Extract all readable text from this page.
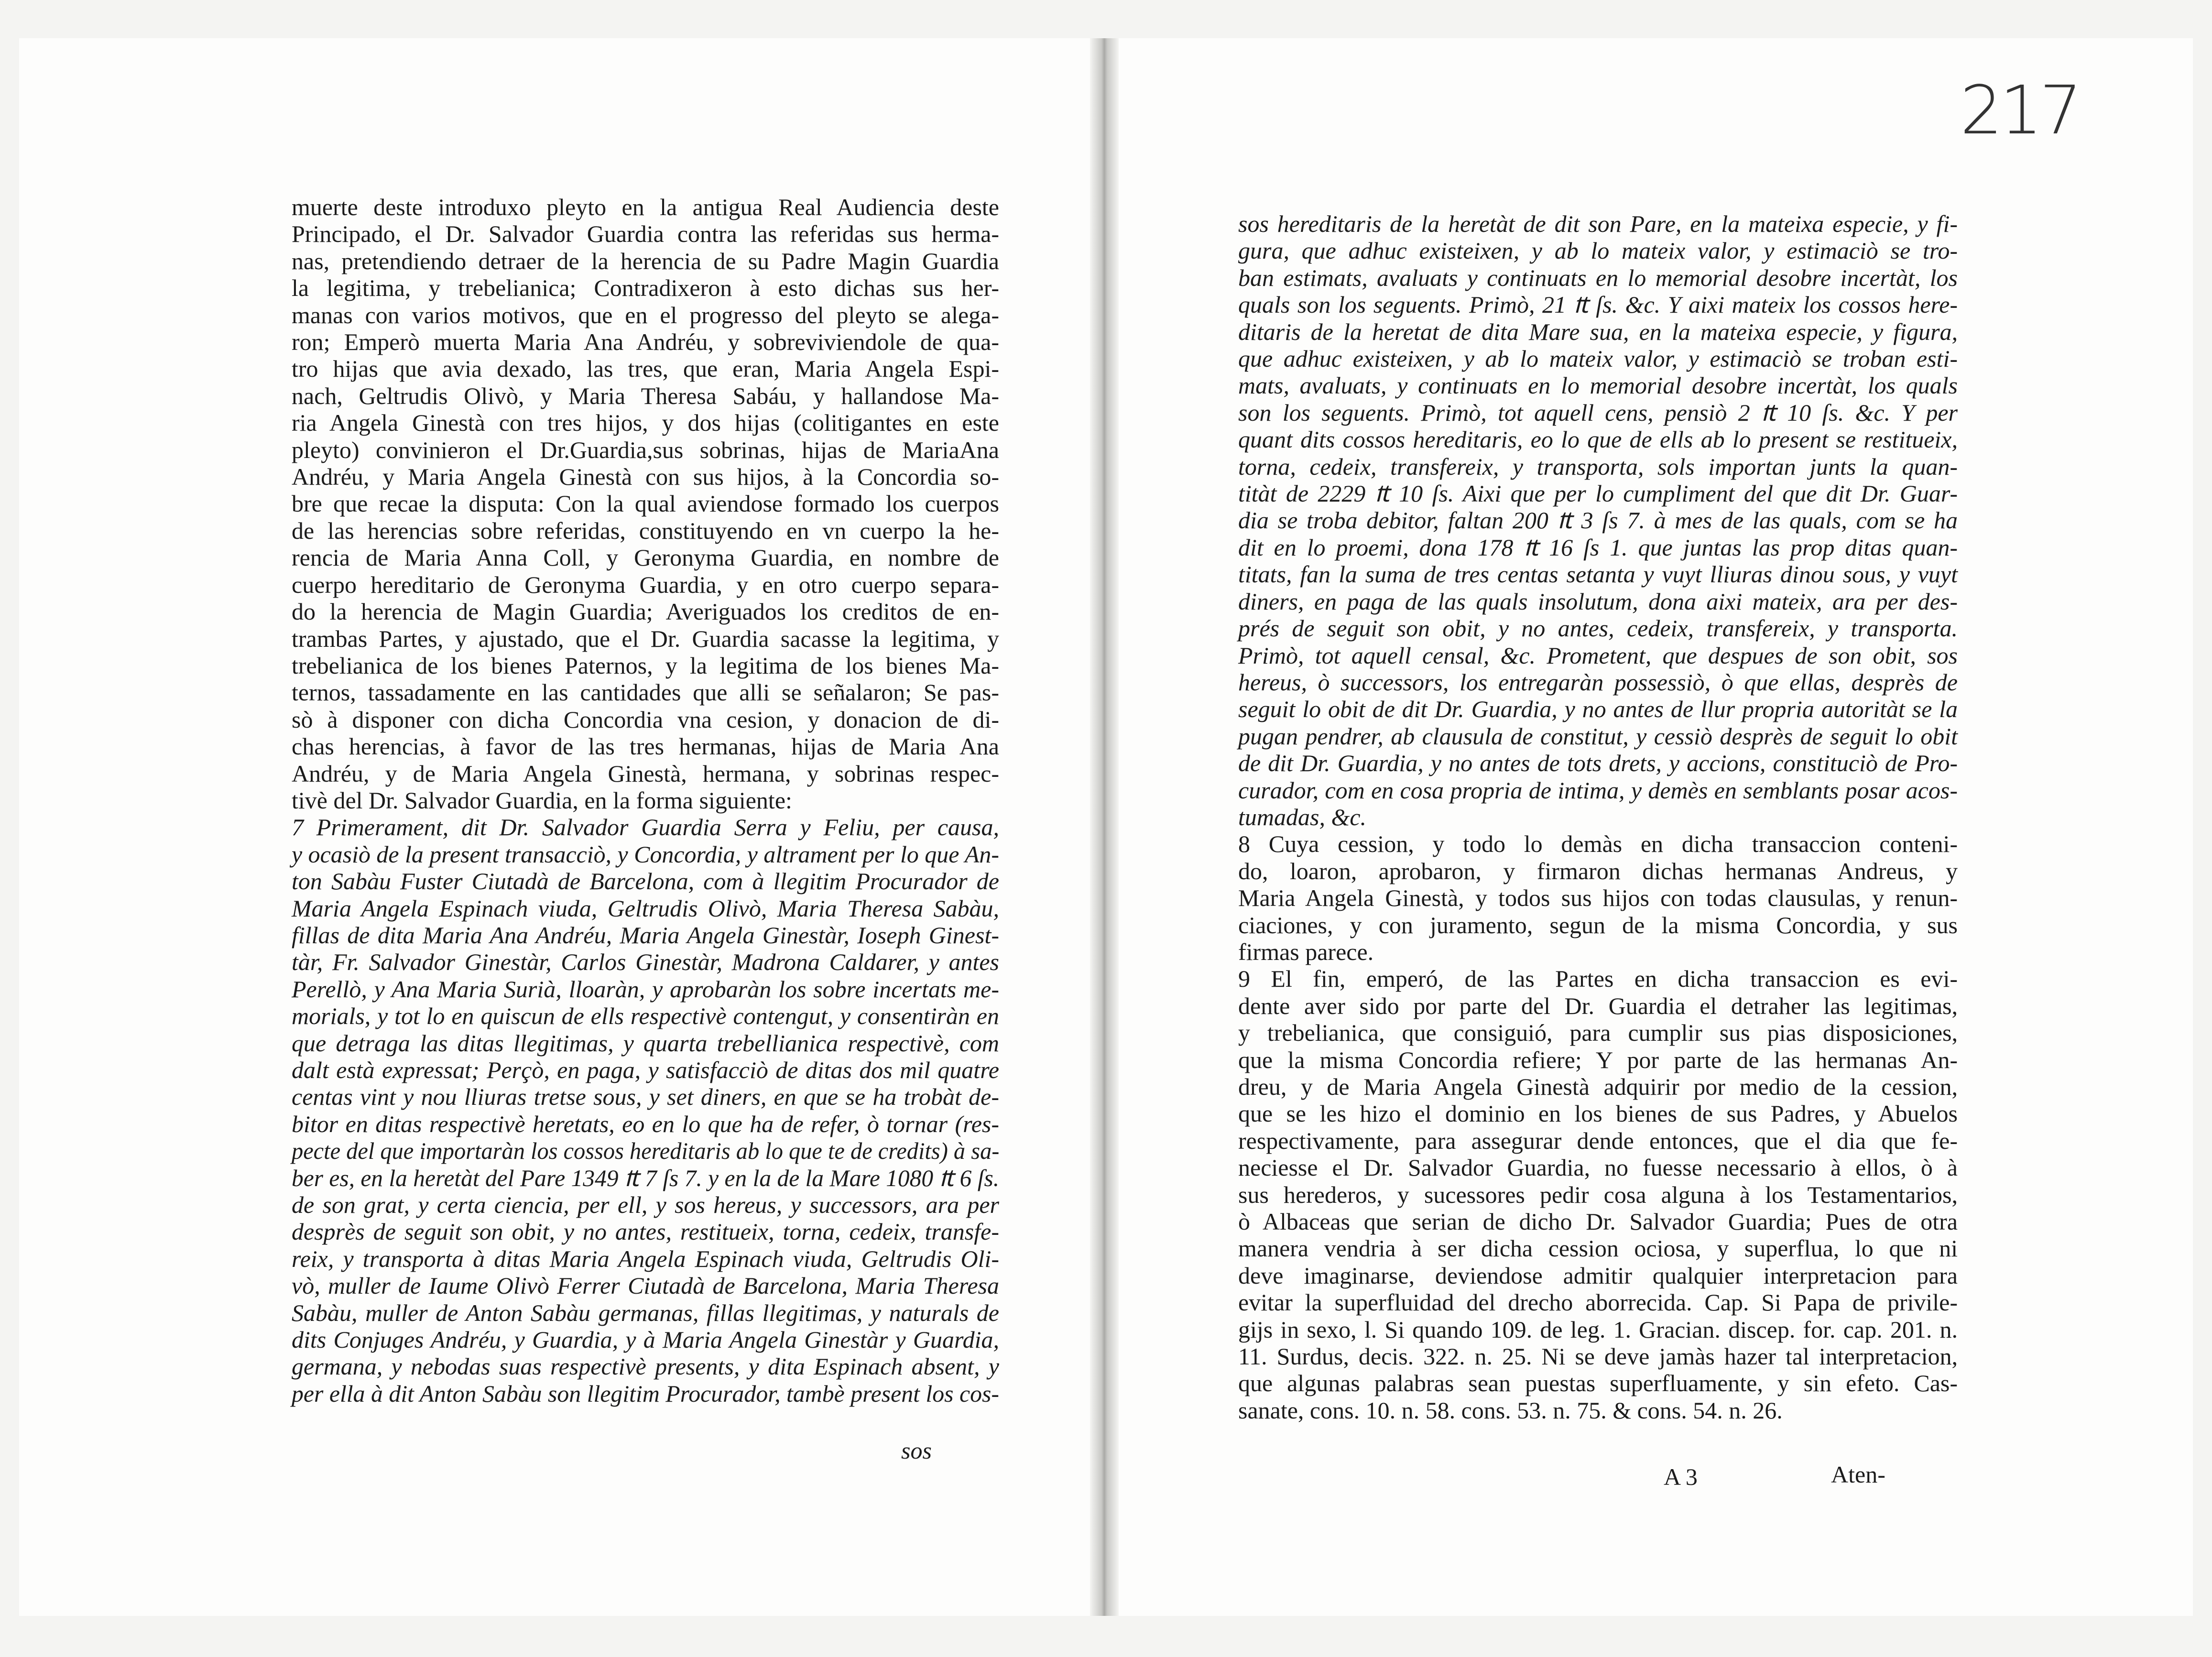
217
muerte deste introduxo pleyto en la antigua Real Audiencia deste
Principado, el Dr. Salvador Guardia contra las referidas sus herma-
nas, pretendiendo detraer de la herencia de su Padre Magin Guardia
la legitima, y trebelianica; Contradixeron à esto dichas sus her-
manas con varios motivos, que en el progresso del pleyto se alega-
ron; Emperò muerta Maria Ana Andréu, y sobreviviendole de qua-
tro hijas que avia dexado, las tres, que eran, Maria Angela Espi-
nach, Geltrudis Olivò, y Maria Theresa Sabáu, y hallandose Ma-
ria Angela Ginestà con tres hijos, y dos hijas (colitigantes en este
pleyto) convinieron el Dr.Guardia,sus sobrinas, hijas de MariaAna
Andréu, y Maria Angela Ginestà con sus hijos, à la Concordia so-
bre que recae la disputa: Con la qual aviendose formado los cuerpos
de las herencias sobre referidas, constituyendo en vn cuerpo la he-
rencia de Maria Anna Coll, y Geronyma Guardia, en nombre de
cuerpo hereditario de Geronyma Guardia, y en otro cuerpo separa-
do la herencia de Magin Guardia; Averiguados los creditos de en-
trambas Partes, y ajustado, que el Dr. Guardia sacasse la legitima, y
trebelianica de los bienes Paternos, y la legitima de los bienes Ma-
ternos, tassadamente en las cantidades que alli se señalaron; Se pas-
sò à disponer con dicha Concordia vna cesion, y donacion de di-
chas herencias, à favor de las tres hermanas, hijas de Maria Ana
Andréu, y de Maria Angela Ginestà, hermana, y sobrinas respec-
tivè del Dr. Salvador Guardia, en la forma siguiente:
7 Primerament, dit Dr. Salvador Guardia Serra y Feliu, per causa,
y ocasiò de la present transacciò, y Concordia, y altrament per lo que An-
ton Sabàu Fuster Ciutadà de Barcelona, com à llegitim Procurador de
Maria Angela Espinach viuda, Geltrudis Olivò, Maria Theresa Sabàu,
fillas de dita Maria Ana Andréu, Maria Angela Ginestàr, Ioseph Ginest-
tàr, Fr. Salvador Ginestàr, Carlos Ginestàr, Madrona Caldarer, y antes
Perellò, y Ana Maria Surià, lloaràn, y aprobaràn los sobre incertats me-
morials, y tot lo en quiscun de ells respectivè contengut, y consentiràn en
que detraga las ditas llegitimas, y quarta trebellianica respectivè, com
dalt està expressat; Perçò, en paga, y satisfacciò de ditas dos mil quatre
centas vint y nou lliuras tretse sous, y set diners, en que se ha trobàt de-
bitor en ditas respectivè heretats, eo en lo que ha de refer, ò tornar (res-
pecte del que importaràn los cossos hereditaris ab lo que te de credits) à sa-
ber es, en la heretàt del Pare 1349 ₶ 7 ſs 7. y en la de la Mare 1080 ₶ 6 ſs.
de son grat, y certa ciencia, per ell, y sos hereus, y successors, ara per
desprès de seguit son obit, y no antes, restitueix, torna, cedeix, transfe-
reix, y transporta à ditas Maria Angela Espinach viuda, Geltrudis Oli-
vò, muller de Iaume Olivò Ferrer Ciutadà de Barcelona, Maria Theresa
Sabàu, muller de Anton Sabàu germanas, fillas llegitimas, y naturals de
dits Conjuges Andréu, y Guardia, y à Maria Angela Ginestàr y Guardia,
germana, y nebodas suas respectivè presents, y dita Espinach absent, y
per ella à dit Anton Sabàu son llegitim Procurador, tambè present los cos-
sos hereditaris de la heretàt de dit son Pare, en la mateixa especie, y fi-
gura, que adhuc existeixen, y ab lo mateix valor, y estimaciò se tro-
ban estimats, avaluats y continuats en lo memorial desobre incertàt, los
quals son los seguents. Primò, 21 ₶ ſs. &c. Y aixi mateix los cossos here-
ditaris de la heretat de dita Mare sua, en la mateixa especie, y figura,
que adhuc existeixen, y ab lo mateix valor, y estimaciò se troban esti-
mats, avaluats, y continuats en lo memorial desobre incertàt, los quals
son los seguents. Primò, tot aquell cens, pensiò 2 ₶ 10 ſs. &c. Y per
quant dits cossos hereditaris, eo lo que de ells ab lo present se restitueix,
torna, cedeix, transfereix, y transporta, sols importan junts la quan-
titàt de 2229 ₶ 10 ſs. Aixi que per lo cumpliment del que dit Dr. Guar-
dia se troba debitor, faltan 200 ₶ 3 ſs 7. à mes de las quals, com se ha
dit en lo proemi, dona 178 ₶ 16 ſs 1. que juntas las prop ditas quan-
titats, fan la suma de tres centas setanta y vuyt lliuras dinou sous, y vuyt
diners, en paga de las quals insolutum, dona aixi mateix, ara per des-
prés de seguit son obit, y no antes, cedeix, transfereix, y transporta.
Primò, tot aquell censal, &c. Prometent, que despues de son obit, sos
hereus, ò successors, los entregaràn possessiò, ò que ellas, desprès de
seguit lo obit de dit Dr. Guardia, y no antes de llur propria autoritàt se la
pugan pendrer, ab clausula de constitut, y cessiò desprès de seguit lo obit
de dit Dr. Guardia, y no antes de tots drets, y accions, constituciò de Pro-
curador, com en cosa propria de intima, y demès en semblants posar acos-
tumadas, &c.
8 Cuya cession, y todo lo demàs en dicha transaccion conteni-
do, loaron, aprobaron, y firmaron dichas hermanas Andreus, y
Maria Angela Ginestà, y todos sus hijos con todas clausulas, y renun-
ciaciones, y con juramento, segun de la misma Concordia, y sus
firmas parece.
9 El fin, emperó, de las Partes en dicha transaccion es evi-
dente aver sido por parte del Dr. Guardia el detraher las legitimas,
y trebelianica, que consiguió, para cumplir sus pias disposiciones,
que la misma Concordia refiere; Y por parte de las hermanas An-
dreu, y de Maria Angela Ginestà adquirir por medio de la cession,
que se les hizo el dominio en los bienes de sus Padres, y Abuelos
respectivamente, para assegurar dende entonces, que el dia que fe-
neciesse el Dr. Salvador Guardia, no fuesse necessario à ellos, ò à
sus herederos, y sucessores pedir cosa alguna à los Testamentarios,
ò Albaceas que serian de dicho Dr. Salvador Guardia; Pues de otra
manera vendria à ser dicha cession ociosa, y superflua, lo que ni
deve imaginarse, deviendose admitir qualquier interpretacion para
evitar la superfluidad del drecho aborrecida. Cap. Si Papa de privile-
gijs in sexo, l. Si quando 109. de leg. 1. Gracian. discep. for. cap. 201. n.
11. Surdus, decis. 322. n. 25. Ni se deve jamàs hazer tal interpretacion,
que algunas palabras sean puestas superfluamente, y sin efeto. Cas-
sanate, cons. 10. n. 58. cons. 53. n. 75. & cons. 54. n. 26.
sos
A 3	Aten-
